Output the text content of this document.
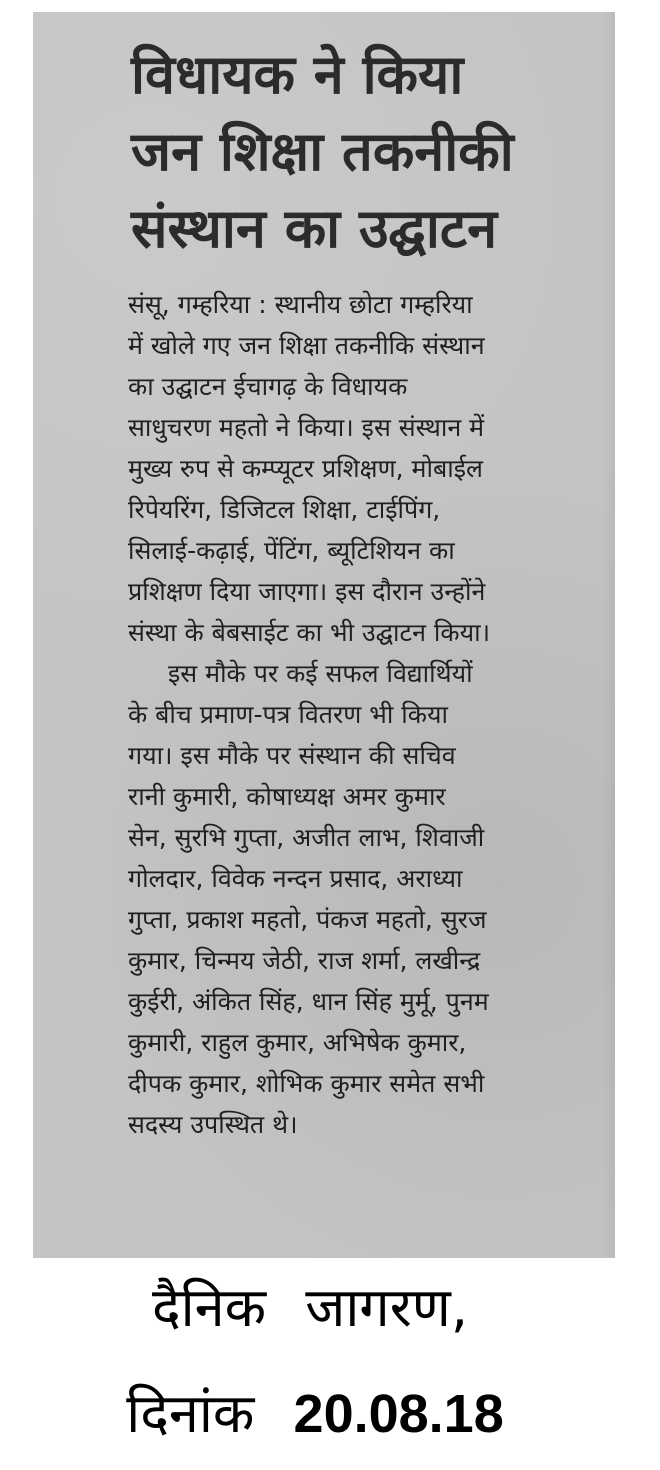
विधायक ने किया
जन शिक्षा तकनीकी
संस्थान का उद्घाटन
संसू, गम्हरिया : स्थानीय छोटा गम्हरिया
में खोले गए जन शिक्षा तकनीकि संस्थान
का उद्घाटन ईचागढ़ के विधायक
साधुचरण महतो ने किया। इस संस्थान में
मुख्य रुप से कम्प्यूटर प्रशिक्षण, मोबाईल
रिपेयरिंग, डिजिटल शिक्षा, टाईपिंग,
सिलाई-कढ़ाई, पेंटिंग, ब्यूटिशियन का
प्रशिक्षण दिया जाएगा। इस दौरान उन्होंने
संस्था के बेबसाईट का भी उद्घाटन किया।
इस मौके पर कई सफल विद्यार्थियों
के बीच प्रमाण-पत्र वितरण भी किया
गया। इस मौके पर संस्थान की सचिव
रानी कुमारी, कोषाध्यक्ष अमर कुमार
सेन, सुरभि गुप्ता, अजीत लाभ, शिवाजी
गोलदार, विवेक नन्दन प्रसाद, अराध्या
गुप्ता, प्रकाश महतो, पंकज महतो, सुरज
कुमार, चिन्मय जेठी, राज शर्मा, लखीन्द्र
कुईरी, अंकित सिंह, धान सिंह मुर्मू, पुनम
कुमारी, राहुल कुमार, अभिषेक कुमार,
दीपक कुमार, शोभिक कुमार समेत सभी
सदस्य उपस्थित थे।

दैनिक जागरण,

दिनांक 20.08.18
